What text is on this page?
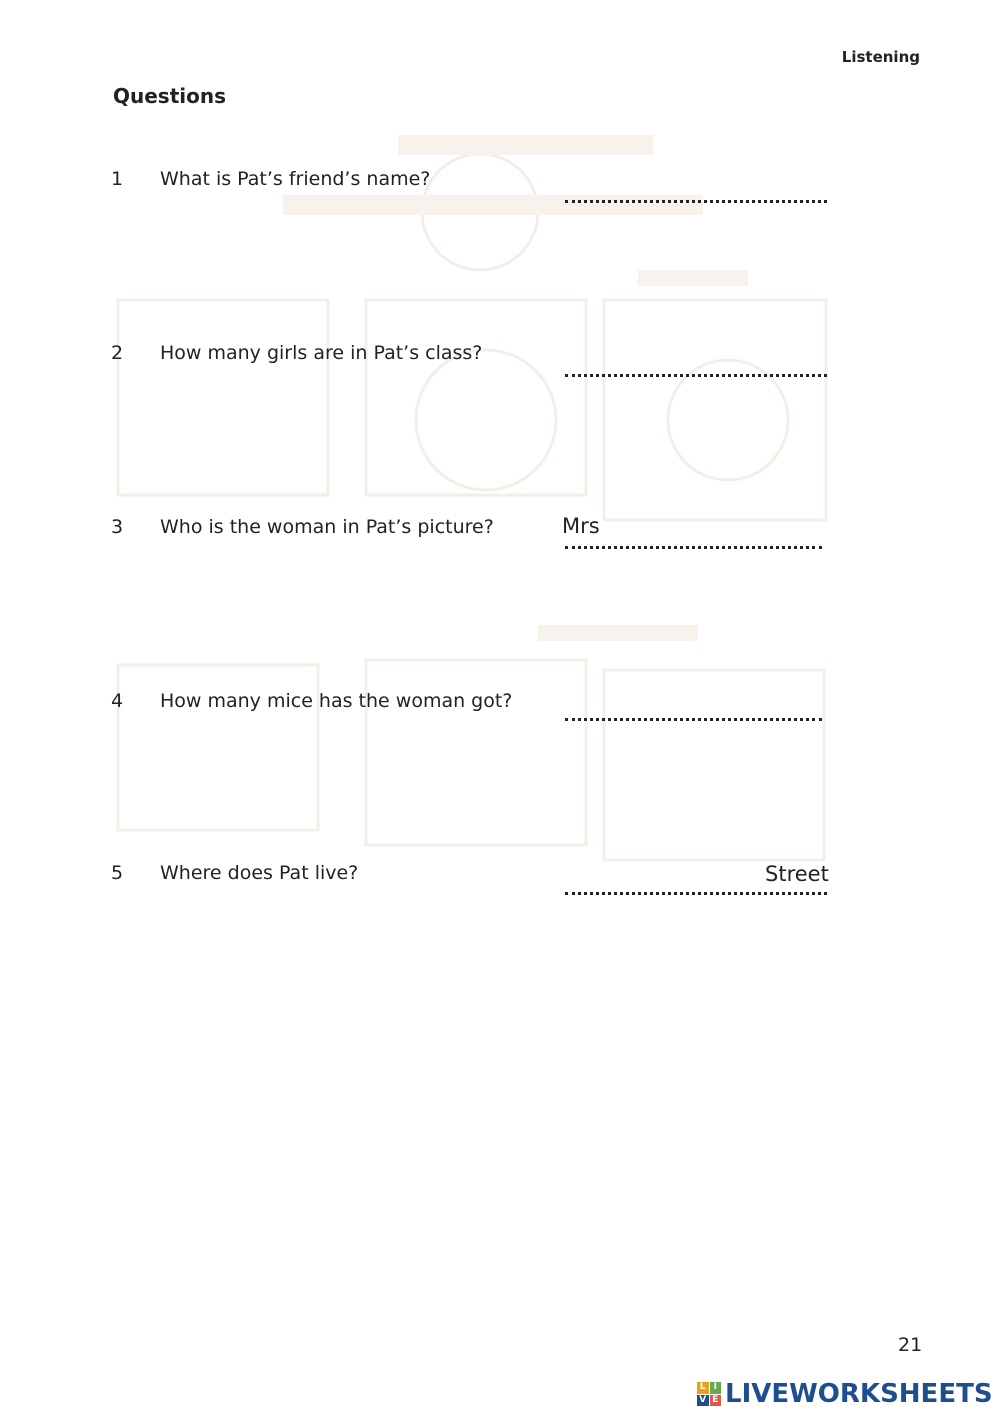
Listening
Questions
1 What is Pat’s friend’s name?
2 How many girls are in Pat’s class?
3 Who is the woman in Pat’s picture?	Mrs
4 How many mice has the woman got?
5 Where does Pat live?	Street
21
L I
V E LIVEWORKSHEETS
